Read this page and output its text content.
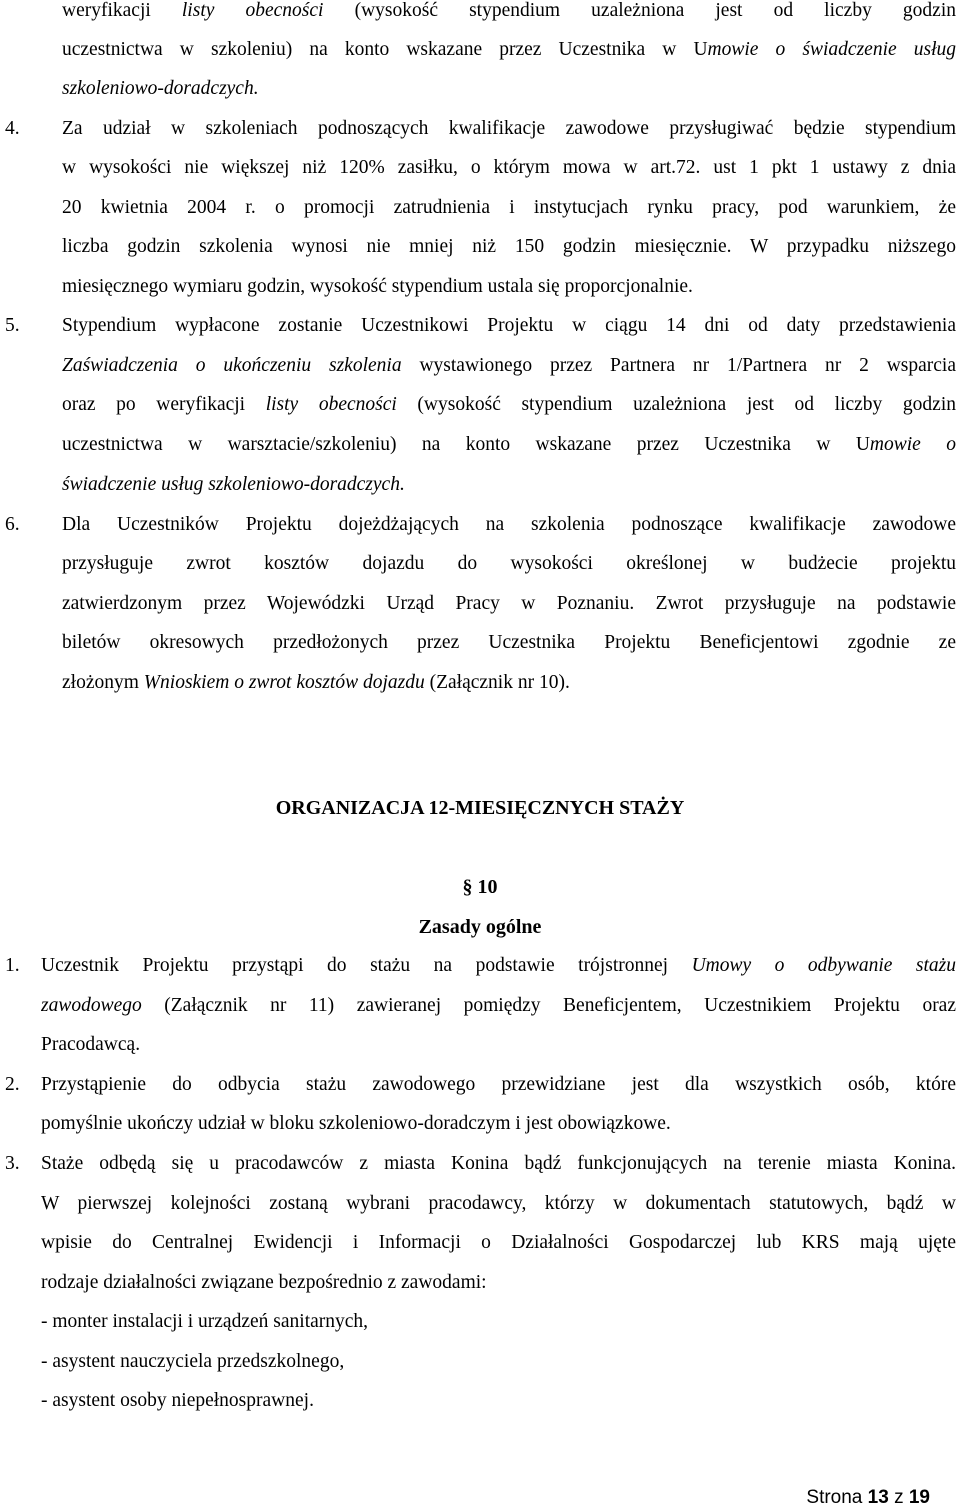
weryfikacji listy obecności (wysokość stypendium uzależniona jest od liczby godzin
uczestnictwa w szkoleniu) na konto wskazane przez Uczestnika w Umowie o świadczenie usług
szkoleniowo-doradczych.
4. Za udział w szkoleniach podnoszących kwalifikacje zawodowe przysługiwać będzie stypendium
w wysokości nie większej niż 120% zasiłku, o którym mowa w art.72. ust 1 pkt 1 ustawy z dnia
20 kwietnia 2004 r. o promocji zatrudnienia i instytucjach rynku pracy, pod warunkiem, że
liczba godzin szkolenia wynosi nie mniej niż 150 godzin miesięcznie. W przypadku niższego
miesięcznego wymiaru godzin, wysokość stypendium ustala się proporcjonalnie.
5. Stypendium wypłacone zostanie Uczestnikowi Projektu w ciągu 14 dni od daty przedstawienia
Zaświadczenia o ukończeniu szkolenia wystawionego przez Partnera nr 1/Partnera nr 2 wsparcia
oraz po weryfikacji listy obecności (wysokość stypendium uzależniona jest od liczby godzin
uczestnictwa w warsztacie/szkoleniu) na konto wskazane przez Uczestnika w Umowie o
świadczenie usług szkoleniowo-doradczych.
6. Dla Uczestników Projektu dojeżdżających na szkolenia podnoszące kwalifikacje zawodowe
przysługuje zwrot kosztów dojazdu do wysokości określonej w budżecie projektu
zatwierdzonym przez Wojewódzki Urząd Pracy w Poznaniu. Zwrot przysługuje na podstawie
biletów okresowych przedłożonych przez Uczestnika Projektu Beneficjentowi zgodnie ze
złożonym Wnioskiem o zwrot kosztów dojazdu (Załącznik nr 10).
ORGANIZACJA 12-MIESIĘCZNYCH STAŻY
§ 10
Zasady ogólne
1. Uczestnik Projektu przystąpi do stażu na podstawie trójstronnej Umowy o odbywanie stażu
zawodowego (Załącznik nr 11) zawieranej pomiędzy Beneficjentem, Uczestnikiem Projektu oraz
Pracodawcą.
2. Przystąpienie do odbycia stażu zawodowego przewidziane jest dla wszystkich osób, które
pomyślnie ukończy udział w bloku szkoleniowo-doradczym i jest obowiązkowe.
3. Staże odbędą się u pracodawców z miasta Konina bądź funkcjonujących na terenie miasta Konina.
W pierwszej kolejności zostaną wybrani pracodawcy, którzy w dokumentach statutowych, bądź w
wpisie do Centralnej Ewidencji i Informacji o Działalności Gospodarczej lub KRS mają ujęte
rodzaje działalności związane bezpośrednio z zawodami:
- monter instalacji i urządzeń sanitarnych,
- asystent nauczyciela przedszkolnego,
- asystent osoby niepełnosprawnej.
Strona 13 z 19
